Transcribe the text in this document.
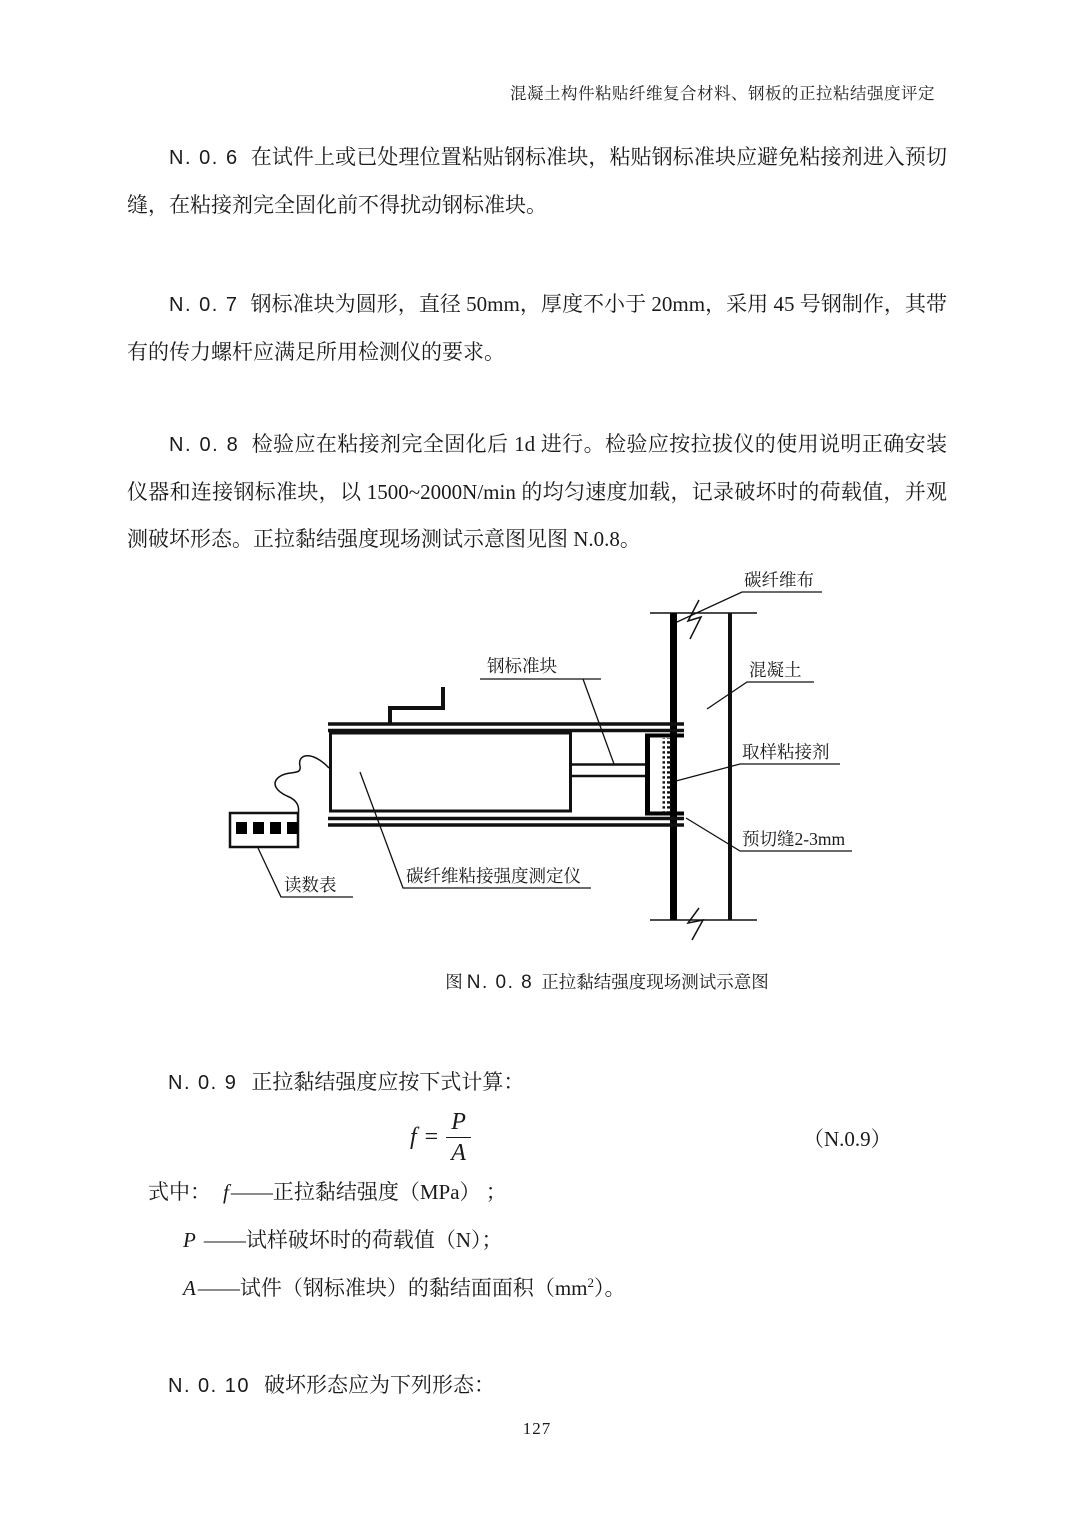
混凝土构件粘贴纤维复合材料、钢板的正拉粘结强度评定
N. 0. 6 在试件上或已处理位置粘贴钢标准块，粘贴钢标准块应避免粘接剂进入预切缝，在粘接剂完全固化前不得扰动钢标准块。
N. 0. 7 钢标准块为圆形，直径 50mm，厚度不小于 20mm，采用 45 号钢制作，其带有的传力螺杆应满足所用检测仪的要求。
N. 0. 8 检验应在粘接剂完全固化后 1d 进行。检验应按拉拔仪的使用说明正确安装仪器和连接钢标准块，以 1500~2000N/min 的均匀速度加载，记录破坏时的荷载值，并观测破坏形态。正拉黏结强度现场测试示意图见图 N.0.8。
碳纤维布
混凝土
取样粘接剂
预切缝2-3mm
钢标准块
读数表	碳纤维粘接强度测定仪
图 N. 0. 8 正拉黏结强度现场测试示意图
N. 0. 9 正拉黏结强度应按下式计算：
$f = \frac{P}{A}$	（N.0.9）
式中： f——正拉黏结强度（MPa） ；
P ——试样破坏时的荷载值（N）；
A——试件（钢标准块）的黏结面面积$(mm^2)$。
N. 0. 10 破坏形态应为下列形态：
127
